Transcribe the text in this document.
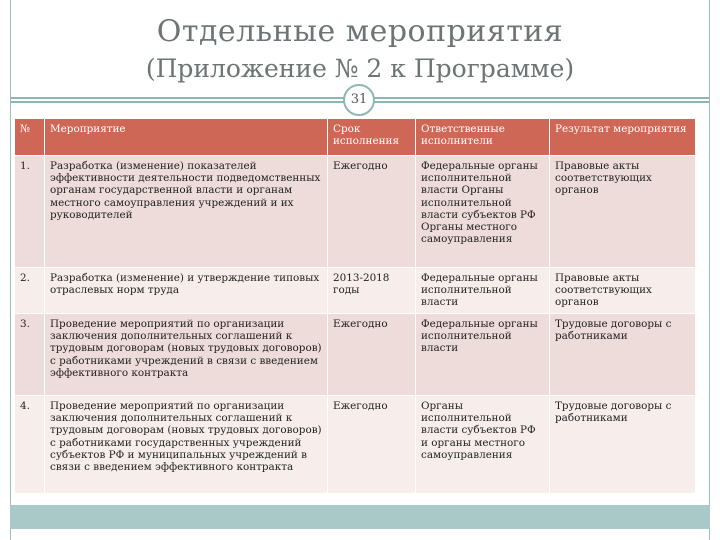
Отдельные мероприятия
(Приложение № 2 к Программе)
31
№	Мероприятие	Срок исполнения	Ответственные исполнители	Результат мероприятия
1.	Разработка (изменение) показателей эффективности деятельности подведомственных органам государственной власти и органам местного самоуправления учреждений и их руководителей	Ежегодно	Федеральные органы исполнительной власти Органы исполнительной власти субъектов РФ Органы местного самоуправления	Правовые акты соответствующих органов
2.	Разработка (изменение) и утверждение типовых отраслевых норм труда	2013-2018 годы	Федеральные органы исполнительной власти	Правовые акты соответствующих органов
3.	Проведение мероприятий по организации заключения дополнительных соглашений к трудовым договорам (новых трудовых договоров) с работниками учреждений в связи с введением эффективного контракта	Ежегодно	Федеральные органы исполнительной власти	Трудовые договоры с работниками
4.	Проведение мероприятий по организации заключения дополнительных соглашений к трудовым договорам (новых трудовых договоров) с работниками государственных учреждений субъектов РФ и муниципальных учреждений в связи с введением эффективного контракта	Ежегодно	Органы исполнительной власти субъектов РФ и органы местного самоуправления	Трудовые договоры с работниками
